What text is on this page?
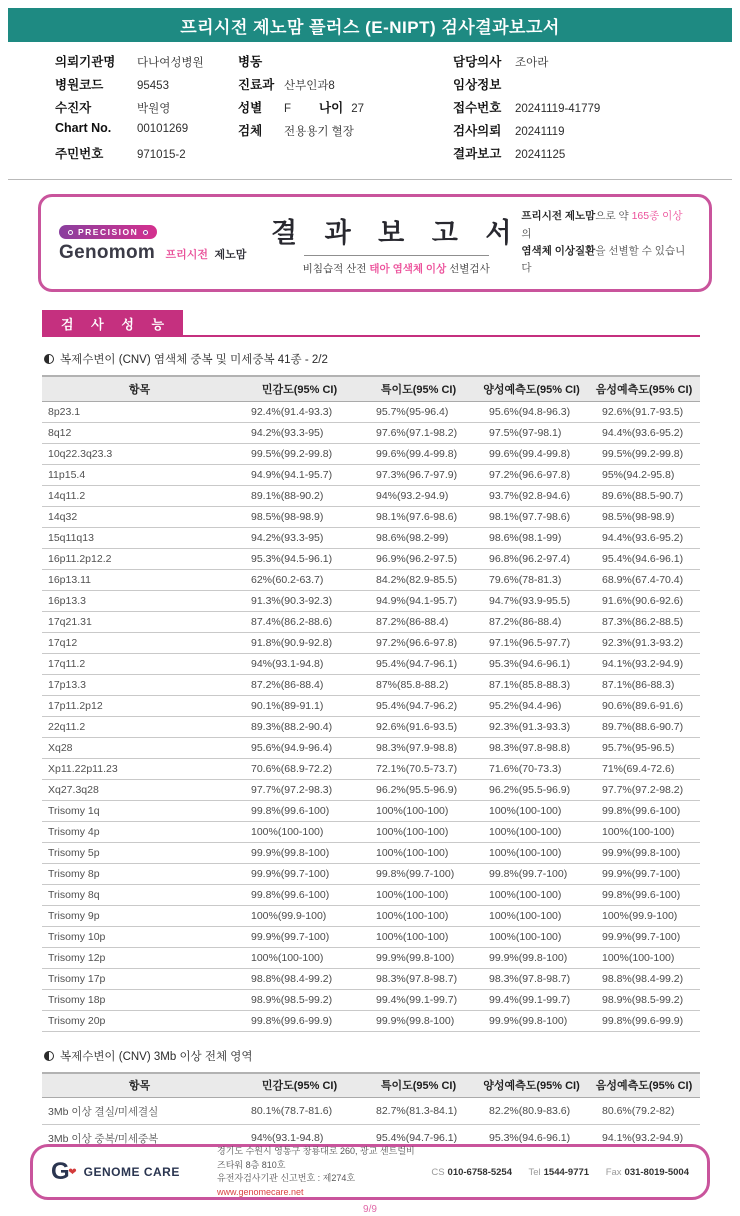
프리시전 제노맘 플러스 (E-NIPT) 검사결과보고서
의뢰기관명	다나여성병원
병원코드	95453
수진자	박원영
Chart No.	00101269
주민번호	971015-2
병동
진료과 산부인과8
성별	F 나이 27
검체	전용용기 혈장
담당의사	조아라
임상정보
접수번호	20241119-41779
검사의뢰	20241119
결과보고	20241125
PRECISION
Genomom 프리시전 제노맘
결 과 보 고 서
비침습적 산전 태아 염색체 이상 선별검사
프리시전 제노맘으로 약 165종 이상의
염색체 이상질환을 선별할 수 있습니다
검 사 성 능
복제수변이 (CNV) 염색체 중복 및 미세중복 41종 - 2/2
항목	민감도(95% CI)	특이도(95% CI)	양성예측도(95% CI)	음성예측도(95% CI)
8p23.1	92.4%(91.4-93.3)	95.7%(95-96.4)	95.6%(94.8-96.3)	92.6%(91.7-93.5)
8q12	94.2%(93.3-95)	97.6%(97.1-98.2)	97.5%(97-98.1)	94.4%(93.6-95.2)
10q22.3q23.3	99.5%(99.2-99.8)	99.6%(99.4-99.8)	99.6%(99.4-99.8)	99.5%(99.2-99.8)
11p15.4	94.9%(94.1-95.7)	97.3%(96.7-97.9)	97.2%(96.6-97.8)	95%(94.2-95.8)
14q11.2	89.1%(88-90.2)	94%(93.2-94.9)	93.7%(92.8-94.6)	89.6%(88.5-90.7)
14q32	98.5%(98-98.9)	98.1%(97.6-98.6)	98.1%(97.7-98.6)	98.5%(98-98.9)
15q11q13	94.2%(93.3-95)	98.6%(98.2-99)	98.6%(98.1-99)	94.4%(93.6-95.2)
16p11.2p12.2	95.3%(94.5-96.1)	96.9%(96.2-97.5)	96.8%(96.2-97.4)	95.4%(94.6-96.1)
16p13.11	62%(60.2-63.7)	84.2%(82.9-85.5)	79.6%(78-81.3)	68.9%(67.4-70.4)
16p13.3	91.3%(90.3-92.3)	94.9%(94.1-95.7)	94.7%(93.9-95.5)	91.6%(90.6-92.6)
17q21.31	87.4%(86.2-88.6)	87.2%(86-88.4)	87.2%(86-88.4)	87.3%(86.2-88.5)
17q12	91.8%(90.9-92.8)	97.2%(96.6-97.8)	97.1%(96.5-97.7)	92.3%(91.3-93.2)
17q11.2	94%(93.1-94.8)	95.4%(94.7-96.1)	95.3%(94.6-96.1)	94.1%(93.2-94.9)
17p13.3	87.2%(86-88.4)	87%(85.8-88.2)	87.1%(85.8-88.3)	87.1%(86-88.3)
17p11.2p12	90.1%(89-91.1)	95.4%(94.7-96.2)	95.2%(94.4-96)	90.6%(89.6-91.6)
22q11.2	89.3%(88.2-90.4)	92.6%(91.6-93.5)	92.3%(91.3-93.3)	89.7%(88.6-90.7)
Xq28	95.6%(94.9-96.4)	98.3%(97.9-98.8)	98.3%(97.8-98.8)	95.7%(95-96.5)
Xp11.22p11.23	70.6%(68.9-72.2)	72.1%(70.5-73.7)	71.6%(70-73.3)	71%(69.4-72.6)
Xq27.3q28	97.7%(97.2-98.3)	96.2%(95.5-96.9)	96.2%(95.5-96.9)	97.7%(97.2-98.2)
Trisomy 1q	99.8%(99.6-100)	100%(100-100)	100%(100-100)	99.8%(99.6-100)
Trisomy 4p	100%(100-100)	100%(100-100)	100%(100-100)	100%(100-100)
Trisomy 5p	99.9%(99.8-100)	100%(100-100)	100%(100-100)	99.9%(99.8-100)
Trisomy 8p	99.9%(99.7-100)	99.8%(99.7-100)	99.8%(99.7-100)	99.9%(99.7-100)
Trisomy 8q	99.8%(99.6-100)	100%(100-100)	100%(100-100)	99.8%(99.6-100)
Trisomy 9p	100%(99.9-100)	100%(100-100)	100%(100-100)	100%(99.9-100)
Trisomy 10p	99.9%(99.7-100)	100%(100-100)	100%(100-100)	99.9%(99.7-100)
Trisomy 12p	100%(100-100)	99.9%(99.8-100)	99.9%(99.8-100)	100%(100-100)
Trisomy 17p	98.8%(98.4-99.2)	98.3%(97.8-98.7)	98.3%(97.8-98.7)	98.8%(98.4-99.2)
Trisomy 18p	98.9%(98.5-99.2)	99.4%(99.1-99.7)	99.4%(99.1-99.7)	98.9%(98.5-99.2)
Trisomy 20p	99.8%(99.6-99.9)	99.9%(99.8-100)	99.9%(99.8-100)	99.8%(99.6-99.9)
복제수변이 (CNV) 3Mb 이상 전체 영역
항목	민감도(95% CI)	특이도(95% CI)	양성예측도(95% CI)	음성예측도(95% CI)
3Mb 이상 결실/미세결실	80.1%(78.7-81.6)	82.7%(81.3-84.1)	82.2%(80.9-83.6)	80.6%(79.2-82)
3Mb 이상 중복/미세중복	94%(93.1-94.8)	95.4%(94.7-96.1)	95.3%(94.6-96.1)	94.1%(93.2-94.9)
G
❤ GENOME CARE
경기도 수원시 영통구 창룡대로 260, 광교 센트럴비즈타워 8층 810호
유전자검사기관 신고번호 : 제274호
www.genomecare.net
CS 010-6758-5254 Tel 1544-9771 Fax 031-8019-5004
9/9
